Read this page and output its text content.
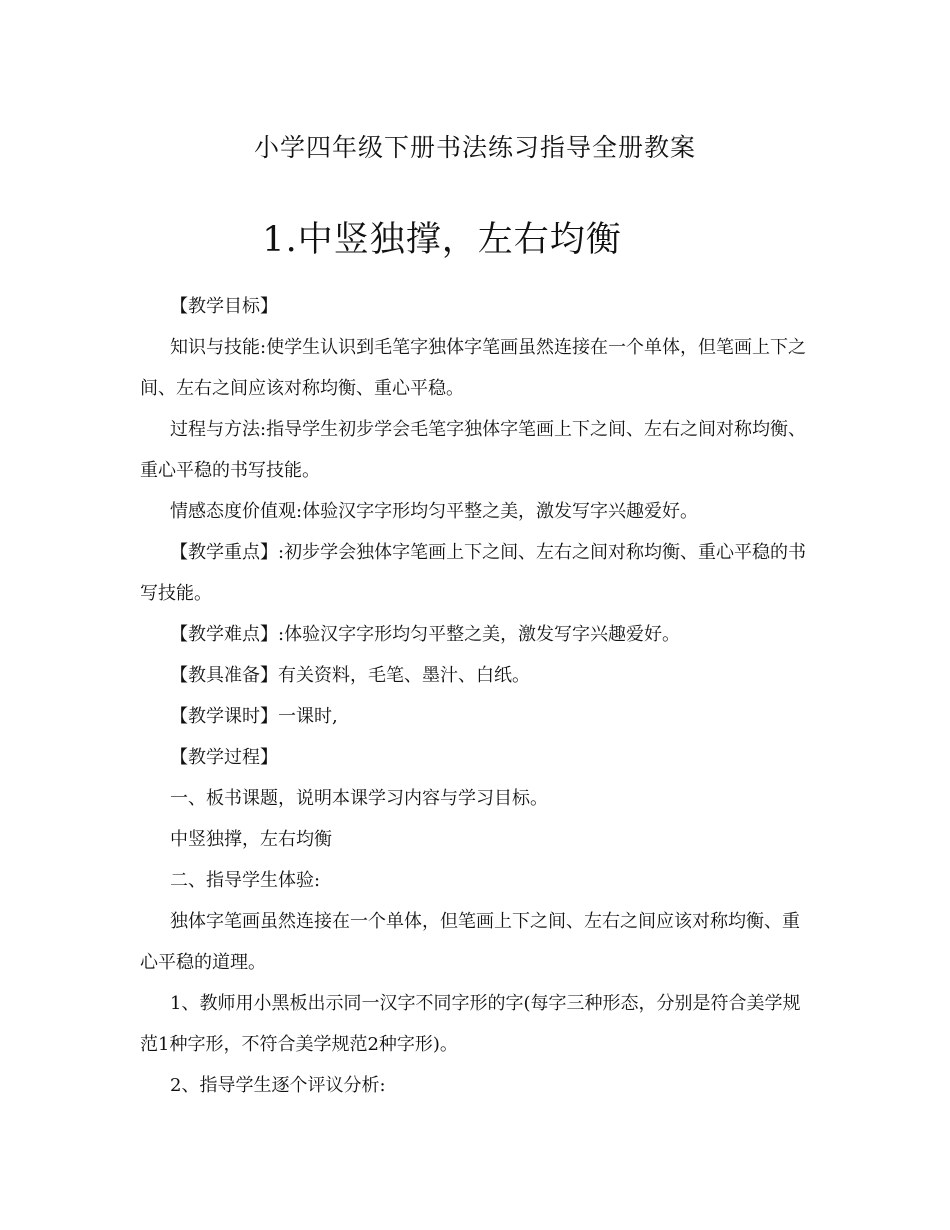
小学四年级下册书法练习指导全册教案
1.中竖独撑，左右均衡

【教学目标】

知识与技能:使学生认识到毛笔字独体字笔画虽然连接在一个单体，但笔画上下之间、左右之间应该对称均衡、重心平稳。

过程与方法:指导学生初步学会毛笔字独体字笔画上下之间、左右之间对称均衡、重心平稳的书写技能。

情感态度价值观:体验汉字字形均匀平整之美，激发写字兴趣爱好。

【教学重点】:初步学会独体字笔画上下之间、左右之间对称均衡、重心平稳的书写技能。

【教学难点】:体验汉字字形均匀平整之美，激发写字兴趣爱好。

【教具准备】有关资料，毛笔、墨汁、白纸。

【教学课时】一课时,

【教学过程】

一、板书课题，说明本课学习内容与学习目标。

中竖独撑，左右均衡

二、指导学生体验:

独体字笔画虽然连接在一个单体，但笔画上下之间、左右之间应该对称均衡、重心平稳的道理。

1、教师用小黑板出示同一汉字不同字形的字(每字三种形态，分别是符合美学规范1种字形，不符合美学规范2种字形)。

2、指导学生逐个评议分析:
